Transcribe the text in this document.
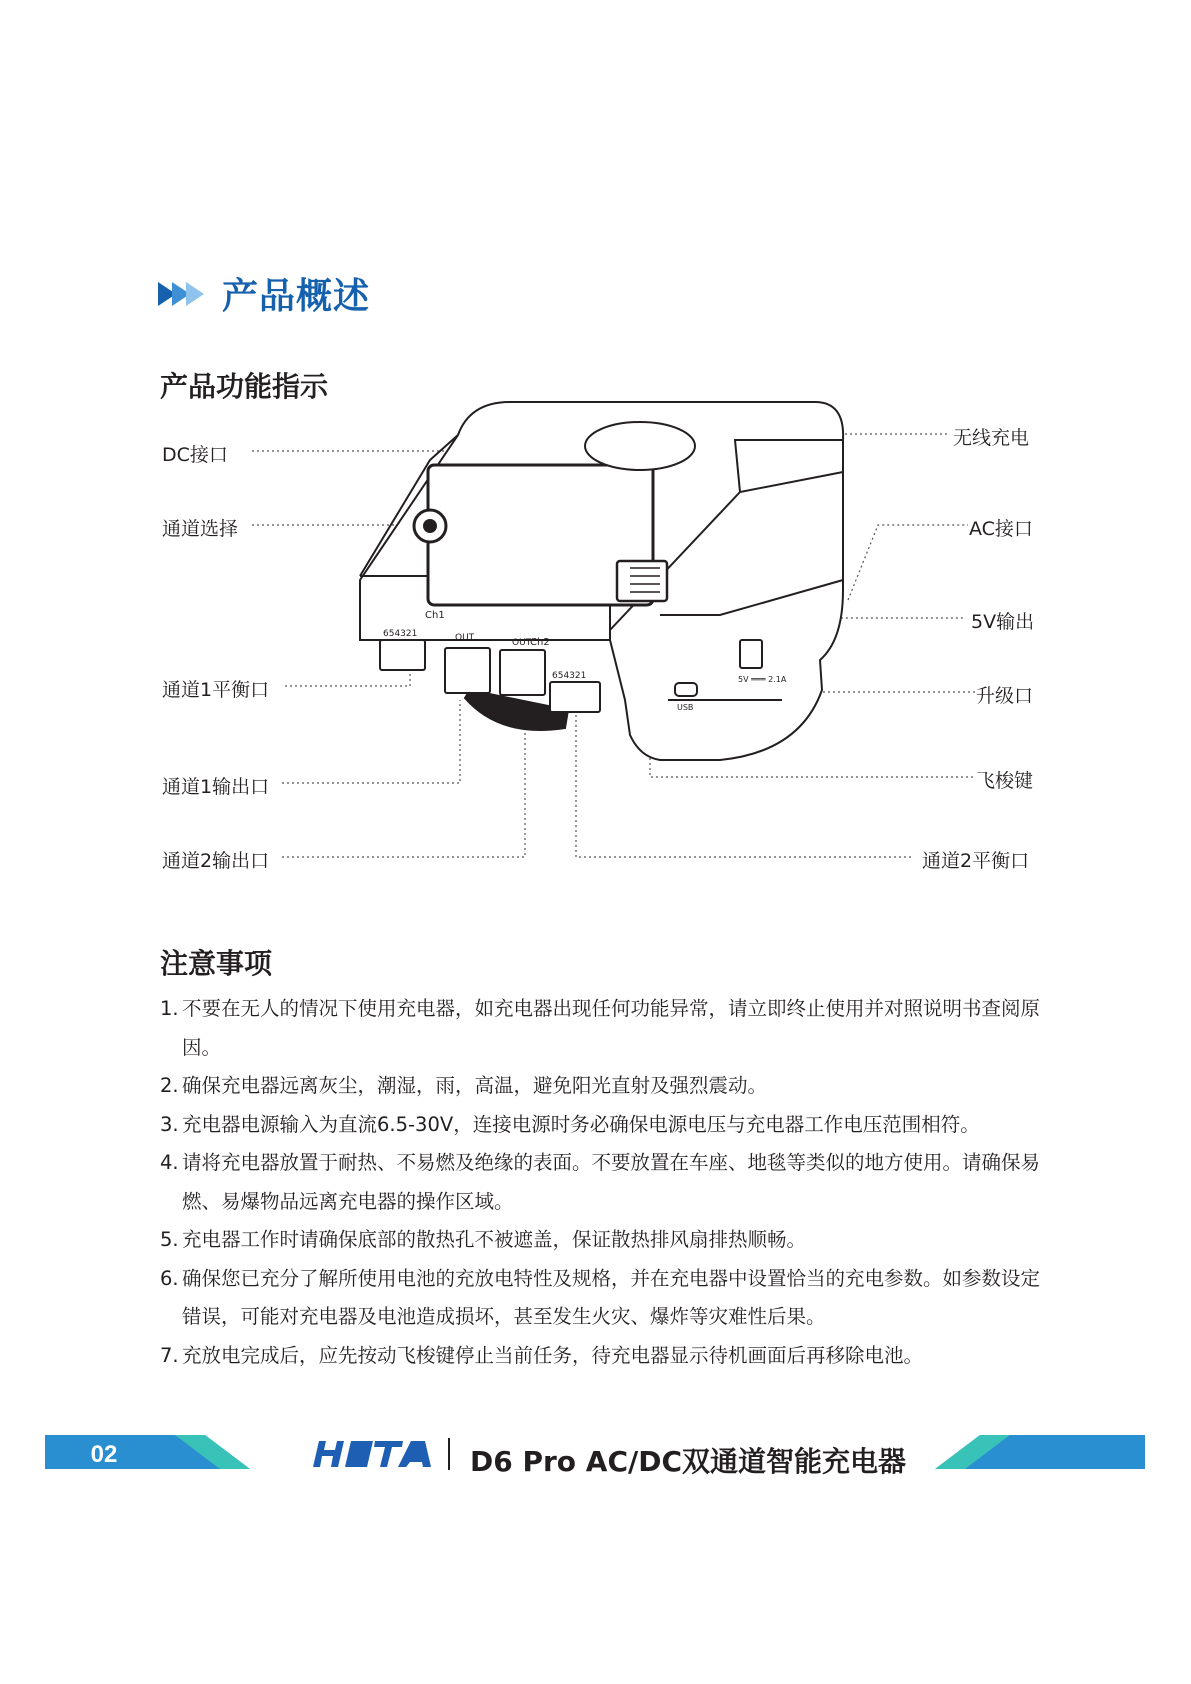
产品概述
产品功能指示
Ch1
Ch2
OUT	OUT
654321
654321
USB
5V ═══ 2.1A
DC接口
通道选择
通道1平衡口
通道1输出口
通道2输出口
无线充电
AC接口
5V输出
升级口
飞梭键
通道2平衡口
注意事项
1. 不要在无人的情况下使用充电器，如充电器出现任何功能异常，请立即终止使用并对照说明书查阅原因。
2. 确保充电器远离灰尘，潮湿，雨，高温，避免阳光直射及强烈震动。
3. 充电器电源输入为直流6.5-30V，连接电源时务必确保电源电压与充电器工作电压范围相符。
4. 请将充电器放置于耐热、不易燃及绝缘的表面。不要放置在车座、地毯等类似的地方使用。请确保易燃、易爆物品远离充电器的操作区域。
5. 充电器工作时请确保底部的散热孔不被遮盖，保证散热排风扇排热顺畅。
6. 确保您已充分了解所使用电池的充放电特性及规格，并在充电器中设置恰当的充电参数。如参数设定错误，可能对充电器及电池造成损坏，甚至发生火灾、爆炸等灾难性后果。
7. 充放电完成后，应先按动飞梭键停止当前任务，待充电器显示待机画面后再移除电池。
02	D6 Pro AC/DC双通道智能充电器
